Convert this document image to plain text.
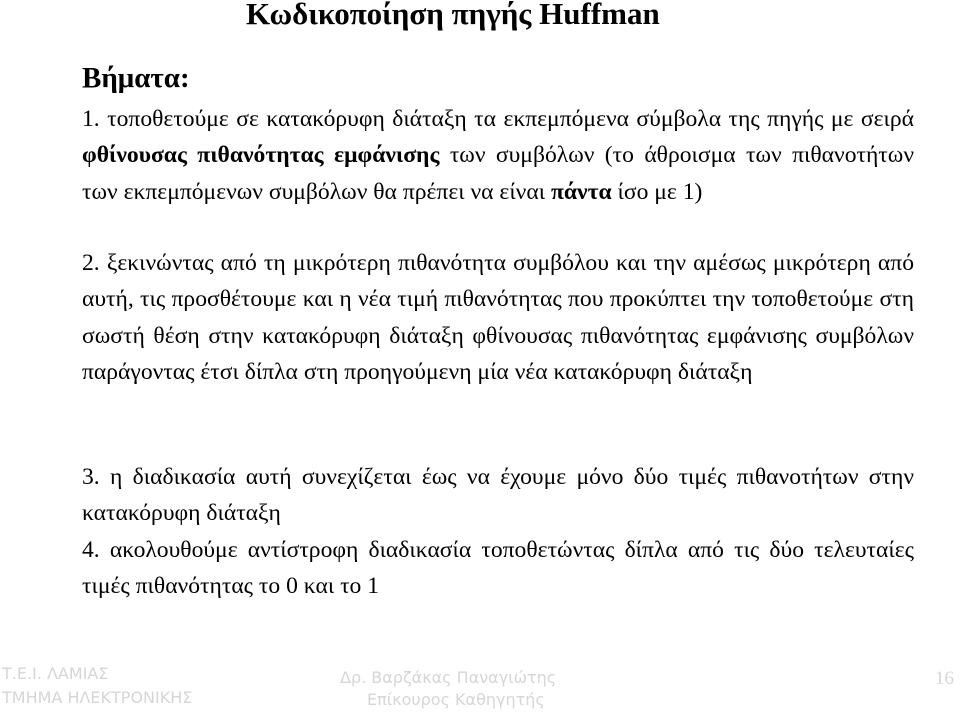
Κωδικοποίηση πηγής Huffman
Βήματα:

1. τοποθετούμε σε κατακόρυφη διάταξη τα εκπεμπόμενα σύμβολα της πηγής με σειρά φθίνουσας πιθανότητας εμφάνισης των συμβόλων (το άθροισμα των πιθανοτήτων των εκπεμπόμενων συμβόλων θα πρέπει να είναι πάντα ίσο με 1)

2. ξεκινώντας από τη μικρότερη πιθανότητα συμβόλου και την αμέσως μικρότερη από αυτή, τις προσθέτουμε και η νέα τιμή πιθανότητας που προκύπτει την τοποθετούμε στη σωστή θέση στην κατακόρυφη διάταξη φθίνουσας πιθανότητας εμφάνισης συμβόλων παράγοντας έτσι δίπλα στη προηγούμενη μία νέα κατακόρυφη διάταξη

3. η διαδικασία αυτή συνεχίζεται έως να έχουμε μόνο δύο τιμές πιθανοτήτων στην κατακόρυφη διάταξη

4. ακολουθούμε αντίστροφη διαδικασία τοποθετώντας δίπλα από τις δύο τελευταίες τιμές πιθανότητας το 0 και το 1

Τ.Ε.Ι. ΛΑΜΙΑΣ
ΤΜΗΜΑ ΗΛΕΚΤΡΟΝΙΚΗΣ
Δρ. Βαρζάκας Παναγιώτης
Επίκουρος Καθηγητής
16
